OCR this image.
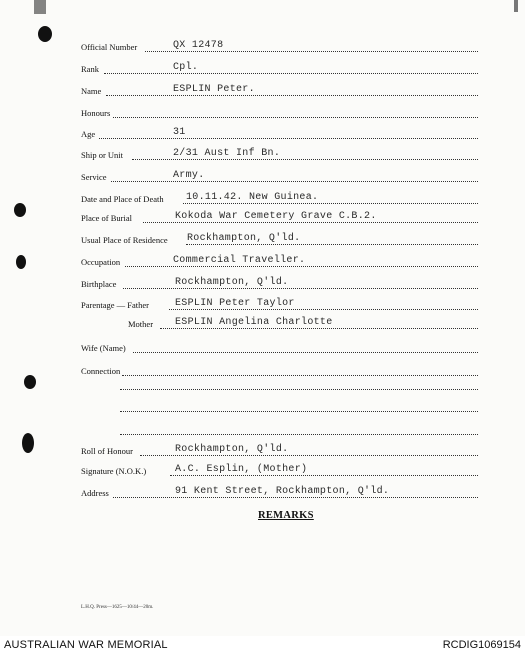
Official Number	QX 12478
Rank	Cpl.
Name	ESPLIN Peter.
Honours
Age	31
Ship or Unit	2/31 Aust Inf Bn.
Service	Army.
Date and Place of Death 10.11.42. New Guinea.
Place of Burial	Kokoda War Cemetery Grave C.B.2.
Usual Place of Residence Rockhampton, Q'ld.
Occupation	Commercial Traveller.
Birthplace	Rockhampton, Q'ld.
Parentage — Father	ESPLIN Peter Taylor
Mother ESPLIN Angelina Charlotte
Wife (Name)
Connection
Roll of Honour	Rockhampton, Q'ld.
Signature (N.O.K.)	A.C. Esplin, (Mother)
Address	91 Kent Street, Rockhampton, Q'ld.
REMARKS
L.H.Q. Press—1625—10/44—20m.
AUSTRALIAN WAR MEMORIAL	RCDIG1069154
